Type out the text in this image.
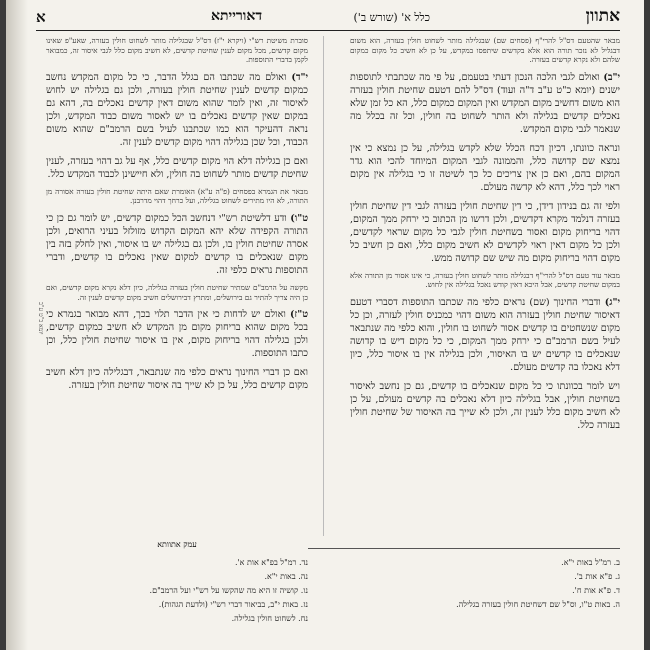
אתוון
כלל א' (שורש ב')
דאורייתא
א

מבאר שהטעם דס"ל להרי"ף (פסחים שם) שבגלילה מותר לשחוט חולין בעזרה, הוא משום דבגליל לא נזכר תורה הוא אלא בקדשים שיתפסו במקדש, על כן לא חשיב כל מקום כמקום שלהם ולא נקרא קדשים בעזרה.

י"ב) ואולם לגבי הלכה הנכון דעתי בטעמם, על פי מה שכתבתי לתוספות ישנים (יומא כ"ט ע"ב ד"ה ועוד) דס"ל להם דטעם שחיטת חולין בעזרה הוא משום דחשיב מקום המקדש ואין המקום כמקום כלל, הא כל זמן שלא נאכלים קדשים בגלילה ולא הותר לשחוט בה חולין, וכל זה בכלל מה שנאמר לגבי מקום המקדש.

ונראה כוונתו, דכיון דכח הכלל שלא לקדש בגלילה, על כן נמצא כי אין נמצא שם קדושה כלל, והממונה לגבי המקום המיוחד להכי הוא גדר המקום בהם, ואם כן אין צריכים כל כך לשיטה זו כי בגלילה אין מקום ראוי לכך כלל, דהא לא קדשה מעולם.

ולפי זה גם בנידון דידן, כי דין שחיטת חולין בעזרה לגבי דין שחיטת חולין בעזרה דנלמד מקרא דקדשים, ולכן דרשו מן הכתוב כי ירחק ממך המקום, דהוי בריחוק מקום ואסור בשחיטת חולין לגבי כל מקום שראוי לקדשים, ולכן כל מקום דאין ראוי לקדשים לא חשיב מקום כלל, ואם כן חשיב כל מקום דהוי בריחוק מקום מה שיש שם קדושה ממש.

מבאר עוד טעם דס"ל להרי"ף דבגלילה מותר לשחוט חולין בעזרה, כי אינו אסור מן התורה אלא במקום שחיטת קדשים, אבל היכא דאין קודש נאכל בגלילה אין לחוש.

י"ג) ודברי החינוך (שם) נראים כלפי מה שכתבו התוספות דסברי דטעם דאיסור שחיטת חולין בעזרה הוא משום דהוי כמכניס חולין לעזרה, וכן כל מקום שנשחטים בו קדשים אסור לשחוט בו חולין, והוא כלפי מה שנתבאר לעיל בשם הרמב"ם כי ירחק ממך המקום, כי כל מקום דיש בו קדושה שנאכלים בו קדשים יש בו האיסור, ולכן בגלילה אין בו איסור כלל, כיון דלא נאכלו בה קדשים מעולם.

ויש לומר בכוונתו כי כל מקום שנאכלים בו קדשים, גם כן נחשב לאיסור בשחיטת חולין, אבל בגלילה כיון דלא נאכלים בה קדשים מעולם, על כן לא חשיב מקום כלל לענין זה, ולכן לא שייך בה האיסור של שחיטת חולין בעזרה כלל.

סוברת משיטת רש"י (ויקרא י"ז) דס"ל שבגלילה מותר לשחוט חולין בעזרה, שאע"פ שאינו מקום קדשים, מכל מקום לענין שחיטת קדשים, לא חשיב מקום כלל לגבי איסור זה, כמבואר לקמן בדברי התוספות.

י"ד) ואולם מה שכתבו הם בגלל הדבר, כי כל מקום המקדש נחשב כמקום קדשים לענין שחיטת חולין בעזרה, ולכן גם בגלילה יש לחוש לאיסור זה, ואין לומר שהוא משום דאין קדשים נאכלים בה, דהא גם במקום שאין קדשים נאכלים בו יש לאסור משום כבוד המקדש, ולכן נראה דהעיקר הוא כמו שכתבנו לעיל בשם הרמב"ם שהוא משום הכבוד, וכל שכן בגלילה דהוי מקום קדשים לענין זה.

ואם כן בגלילה דלא הוי מקום קדשים כלל, אף על גב דהוי בעזרה, לענין שחיטת קדשים מותר לשחוט בה חולין, ולא חיישינן לכבוד המקדש כלל.

מבאר את הגמרא בפסחים (פ"ה ע"א) האומרת שאם היתה שחיטת חולין בעזרה אסורה מן התורה, לא היו מתירים לשחוט בגלילה, ועל כרחך דהוי מדרבנן.

ט"ו) ודע דלשיטת רש"י דנחשב הכל כמקום קדשים, יש לומר גם כן כי התורה הקפידה שלא יהא המקום הקדוש מזולזל בעיני הרואים, ולכן אסרה שחיטת חולין בו, ולכן גם בגלילה יש בו איסור, ואין לחלק בזה בין מקום שנאכלים בו קדשים למקום שאין נאכלים בו קדשים, ודברי התוספות נראים כלפי זה.

מקשה על הרמב"ם שמתיר שחיטת חולין בעזרה בגלילה, כיון דלא נקרא מקום קדשים, ואם כן היה צריך להתיר גם בירושלים, ומתרץ דבירושלים חשיב מקום קדשים לענין זה.

ט"ז) ואולם יש לדחות כי אין הדבר תלוי בכך, דהא מבואר בגמרא כי בכל מקום שהוא בריחוק מקום מן המקדש לא חשיב כמקום קדשים, ולכן בגלילה דהוי בריחוק מקום, אין בו איסור שחיטת חולין כלל, וכן כתבו התוספות.

ואם כן דברי החינוך נראים כלפי מה שנתבאר, דבגלילה כיון דלא חשיב מקום קדשים כלל, על כן לא שייך בה איסור שחיטת חולין בעזרה.

יומא כ"ט ע"ב
עמק אתוותא
ב. רמ"ל באות י"א.
ג. פ"א אות ב'.
ד. פ"א אות ח'.
ה. באות ט"ו, וס"ל שם דשחיטת חולין בעזרה בגלילה.
נד. רמ"ל בפ"א אות א'.
נה. באות י"א.
נו. קושיה זו היא מה שהקשו על רש"י ועל הרמב"ם.
נז. באות י"ב, בביאור דברי רש"י (ולדעת הגהות).
נח. לשחוט חולין בגלילה.
